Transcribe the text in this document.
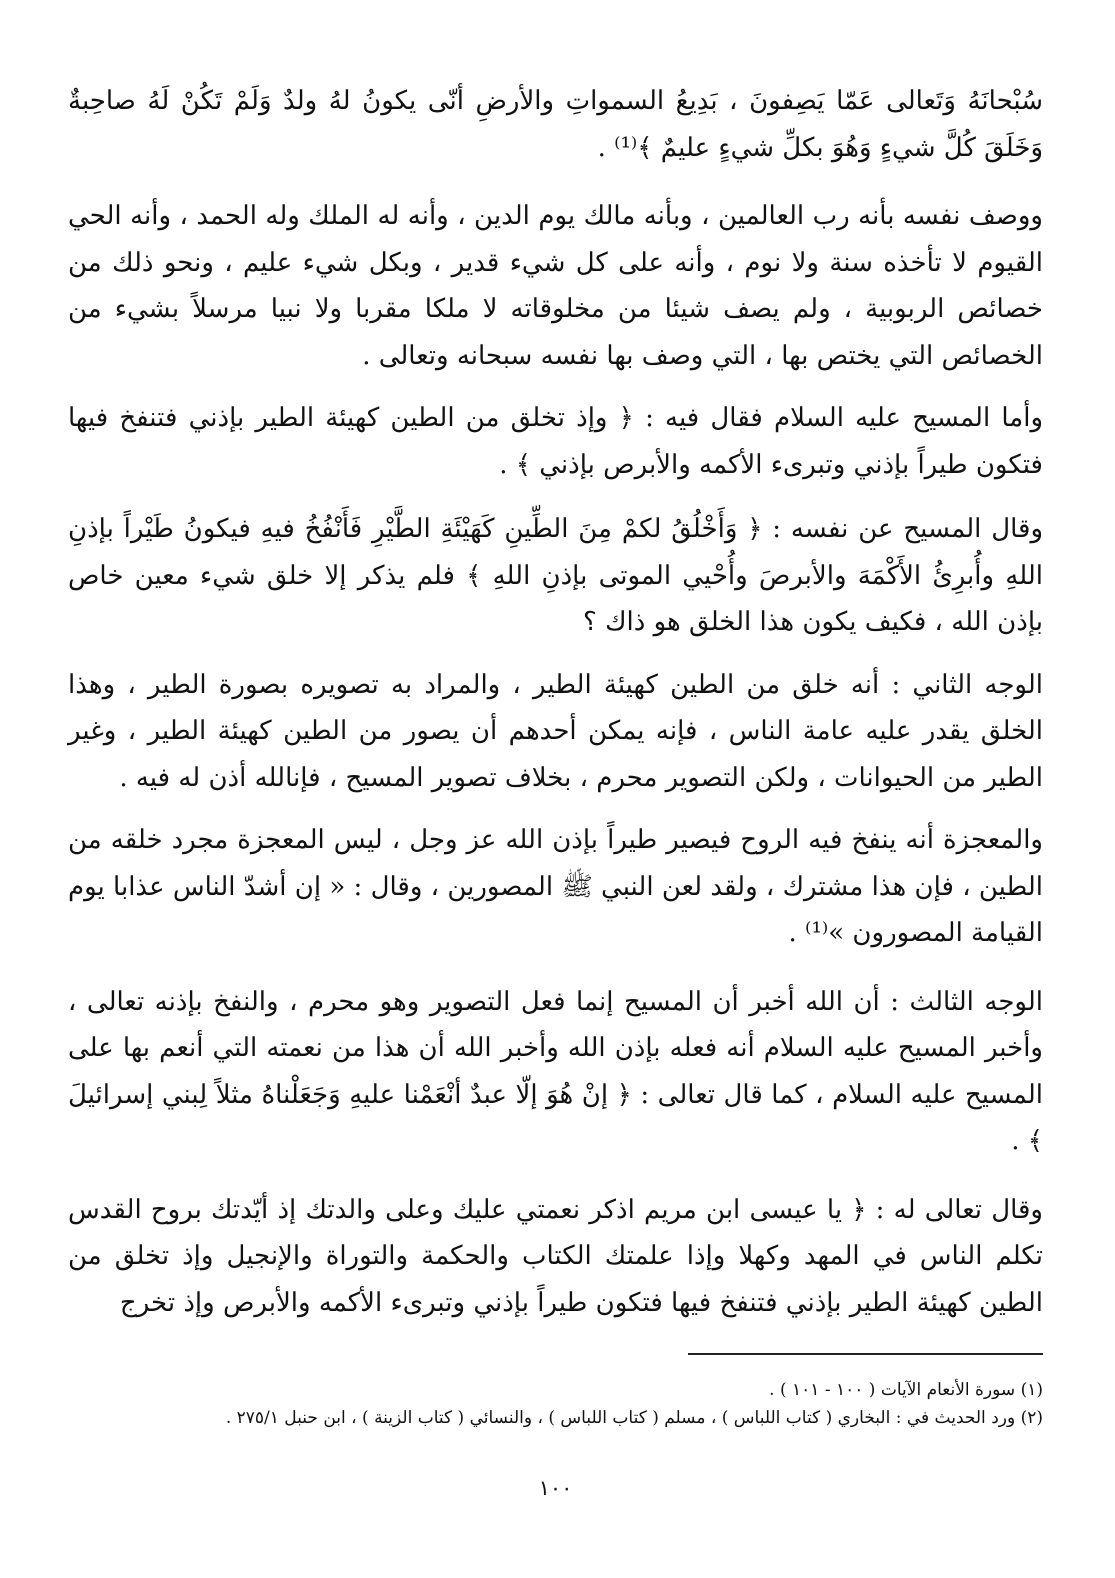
سُبْحانَهُ وَتَعالى عَمّا يَصِفونَ ، بَدِيعُ السمواتِ والأرضِ أنّى يكونُ لهُ ولدٌ وَلَمْ تَكُنْ لَهُ صاحِبةٌ وَخَلَقَ كُلَّ شيءٍ وَهُوَ بكلِّ شيءٍ عليمٌ ﴾⁽¹⁾ .

ووصف نفسه بأنه رب العالمين ، وبأنه مالك يوم الدين ، وأنه له الملك وله الحمد ، وأنه الحي القيوم لا تأخذه سنة ولا نوم ، وأنه على كل شيء قدير ، وبكل شيء عليم ، ونحو ذلك من خصائص الربوبية ، ولم يصف شيئا من مخلوقاته لا ملكا مقربا ولا نبيا مرسلاً بشيء من الخصائص التي يختص بها ، التي وصف بها نفسه سبحانه وتعالى .

وأما المسيح عليه السلام فقال فيه : ﴿ وإذ تخلق من الطين كهيئة الطير بإذني فتنفخ فيها فتكون طيراً بإذني وتبرىء الأكمه والأبرص بإذني ﴾ .

وقال المسيح عن نفسه : ﴿ وَأَخْلُقُ لكمْ مِنَ الطِّينِ كَهَيْئَةِ الطَّيْرِ فَأَنْفُخُ فيهِ فيكونُ طَيْراً بإذنِ اللهِ وأُبرِئُ الأَكْمَهَ والأبرصَ وأُحْيي الموتى بإذنِ اللهِ ﴾ فلم يذكر إلا خلق شيء معين خاص بإذن الله ، فكيف يكون هذا الخلق هو ذاك ؟

الوجه الثاني : أنه خلق من الطين كهيئة الطير ، والمراد به تصويره بصورة الطير ، وهذا الخلق يقدر عليه عامة الناس ، فإنه يمكن أحدهم أن يصور من الطين كهيئة الطير ، وغير الطير من الحيوانات ، ولكن التصوير محرم ، بخلاف تصوير المسيح ، فإنالله أذن له فيه .

والمعجزة أنه ينفخ فيه الروح فيصير طيراً بإذن الله عز وجل ، ليس المعجزة مجرد خلقه من الطين ، فإن هذا مشترك ، ولقد لعن النبي ﷺ المصورين ، وقال : « إن أشدّ الناس عذابا يوم القيامة المصورون »⁽¹⁾ .

الوجه الثالث : أن الله أخبر أن المسيح إنما فعل التصوير وهو محرم ، والنفخ بإذنه تعالى ، وأخبر المسيح عليه السلام أنه فعله بإذن الله وأخبر الله أن هذا من نعمته التي أنعم بها على المسيح عليه السلام ، كما قال تعالى : ﴿ إنْ هُوَ إلّا عبدٌ أنْعَمْنا عليهِ وَجَعَلْناهُ مثلاً لِبني إسرائيلَ ﴾ .

وقال تعالى له : ﴿ يا عيسى ابن مريم اذكر نعمتي عليك وعلى والدتك إذ أيّدتك بروح القدس تكلم الناس في المهد وكهلا وإذا علمتك الكتاب والحكمة والتوراة والإنجيل وإذ تخلق من الطين كهيئة الطير بإذني فتنفخ فيها فتكون طيراً بإذني وتبرىء الأكمه والأبرص وإذ تخرج

(١) سورة الأنعام الآيات ( ١٠٠ - ١٠١ ) .

(٢) ورد الحديث في : البخاري ( كتاب اللباس ) ، مسلم ( كتاب اللباس ) ، والنسائي ( كتاب الزينة ) ، ابن حنبل ٢٧٥/١ .

١٠٠
